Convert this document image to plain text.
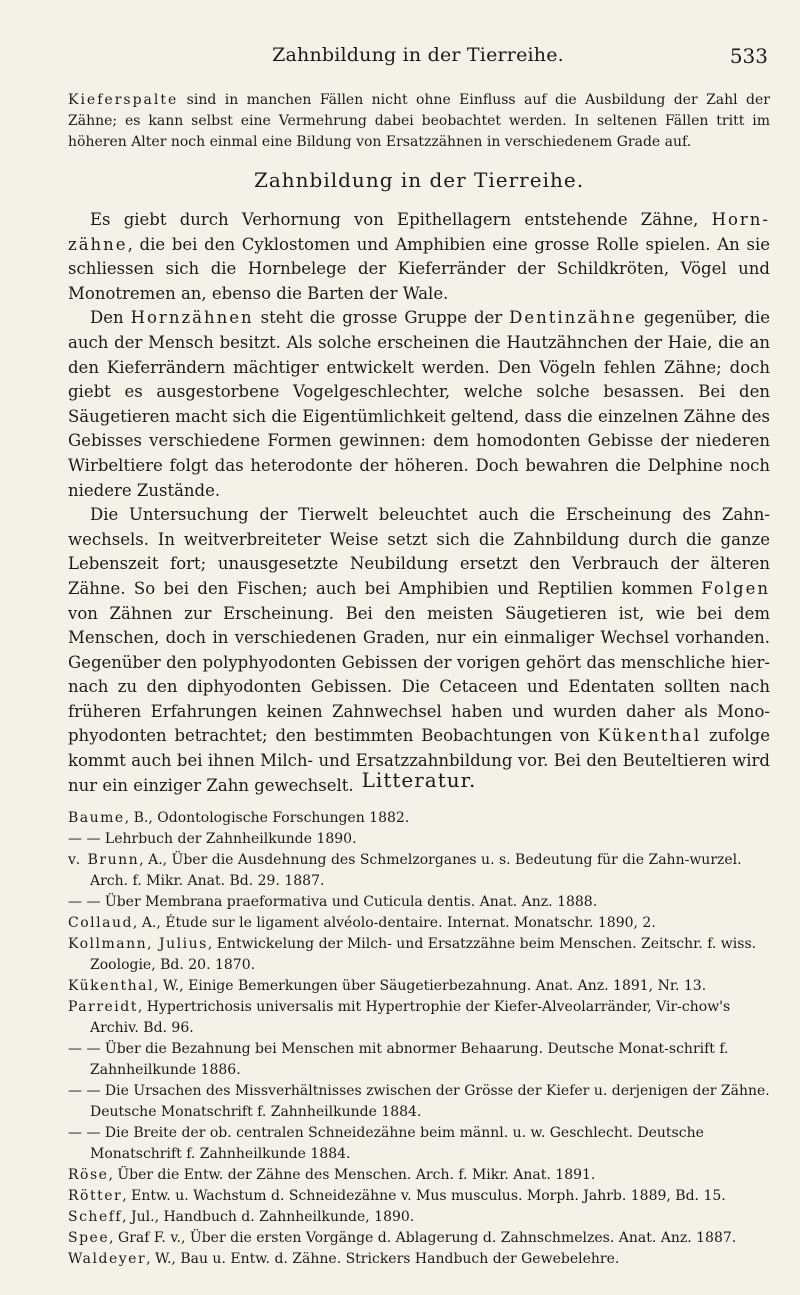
Zahnbildung in der Tierreihe.	533

Kieferspalte sind in manchen Fällen nicht ohne Einfluss auf die Ausbildung der Zahl der Zähne; es kann selbst eine Vermehrung dabei beobachtet werden. In seltenen Fällen tritt im höheren Alter noch einmal eine Bildung von Ersatzzähnen in verschiedenem Grade auf.

Zahnbildung in der Tierreihe.

Es giebt durch Verhornung von Epithellagern entstehende Zähne, Horn-zähne, die bei den Cyklostomen und Amphibien eine grosse Rolle spielen. An sie schliessen sich die Hornbelege der Kieferränder der Schildkröten, Vögel und Monotremen an, ebenso die Barten der Wale.

Den Hornzähnen steht die grosse Gruppe der Dentinzähne gegenüber, die auch der Mensch besitzt. Als solche erscheinen die Hautzähnchen der Haie, die an den Kieferrändern mächtiger entwickelt werden. Den Vögeln fehlen Zähne; doch giebt es ausgestorbene Vogelgeschlechter, welche solche besassen. Bei den Säugetieren macht sich die Eigentümlichkeit geltend, dass die einzelnen Zähne des Gebisses verschiedene Formen gewinnen: dem homodonten Gebisse der niederen Wirbeltiere folgt das heterodonte der höheren. Doch bewahren die Delphine noch niedere Zustände.

Die Untersuchung der Tierwelt beleuchtet auch die Erscheinung des Zahn-wechsels. In weitverbreiteter Weise setzt sich die Zahnbildung durch die ganze Lebenszeit fort; unausgesetzte Neubildung ersetzt den Verbrauch der älteren Zähne. So bei den Fischen; auch bei Amphibien und Reptilien kommen Folgen von Zähnen zur Erscheinung. Bei den meisten Säugetieren ist, wie bei dem Menschen, doch in verschiedenen Graden, nur ein einmaliger Wechsel vorhanden. Gegenüber den polyphyodonten Gebissen der vorigen gehört das menschliche hier-nach zu den diphyodonten Gebissen. Die Cetaceen und Edentaten sollten nach früheren Erfahrungen keinen Zahnwechsel haben und wurden daher als Mono-phyodonten betrachtet; den bestimmten Beobachtungen von Kükenthal zufolge kommt auch bei ihnen Milch- und Ersatzzahnbildung vor. Bei den Beuteltieren wird nur ein einziger Zahn gewechselt. Litteratur.

Baume, B., Odontologische Forschungen 1882.

— — Lehrbuch der Zahnheilkunde 1890.

v. Brunn, A., Über die Ausdehnung des Schmelzorganes u. s. Bedeutung für die Zahn-wurzel. Arch. f. Mikr. Anat. Bd. 29. 1887.

— — Über Membrana praeformativa und Cuticula dentis. Anat. Anz. 1888.

Collaud, A., Étude sur le ligament alvéolo-dentaire. Internat. Monatschr. 1890, 2.

Kollmann, Julius, Entwickelung der Milch- und Ersatzzähne beim Menschen. Zeitschr. f. wiss. Zoologie, Bd. 20. 1870.

Kükenthal, W., Einige Bemerkungen über Säugetierbezahnung. Anat. Anz. 1891, Nr. 13.

Parreidt, Hypertrichosis universalis mit Hypertrophie der Kiefer-Alveolarränder, Vir-chow's Archiv. Bd. 96.

— — Über die Bezahnung bei Menschen mit abnormer Behaarung. Deutsche Monat-schrift f. Zahnheilkunde 1886.

— — Die Ursachen des Missverhältnisses zwischen der Grösse der Kiefer u. derjenigen der Zähne. Deutsche Monatschrift f. Zahnheilkunde 1884.

— — Die Breite der ob. centralen Schneidezähne beim männl. u. w. Geschlecht. Deutsche Monatschrift f. Zahnheilkunde 1884.

Röse, Über die Entw. der Zähne des Menschen. Arch. f. Mikr. Anat. 1891.

Rötter, Entw. u. Wachstum d. Schneidezähne v. Mus musculus. Morph. Jahrb. 1889, Bd. 15.

Scheff, Jul., Handbuch d. Zahnheilkunde, 1890.

Spee, Graf F. v., Über die ersten Vorgänge d. Ablagerung d. Zahnschmelzes. Anat. Anz. 1887.

Waldeyer, W., Bau u. Entw. d. Zähne. Strickers Handbuch der Gewebelehre.
